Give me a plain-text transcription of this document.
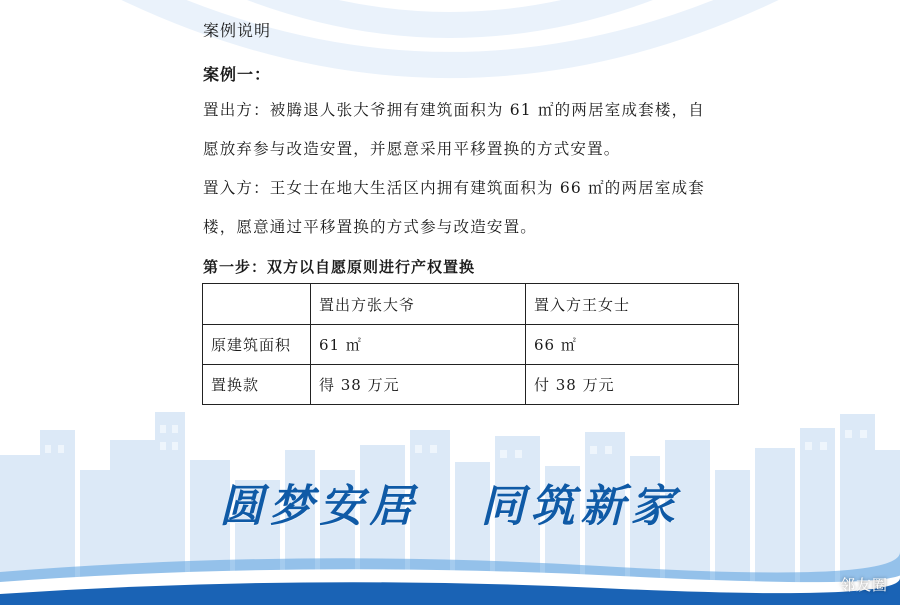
案例说明
案例一：
置出方：被腾退人张大爷拥有建筑面积为 61 ㎡的两居室成套楼，自
愿放弃参与改造安置，并愿意采用平移置换的方式安置。
置入方：王女士在地大生活区内拥有建筑面积为 66 ㎡的两居室成套
楼，愿意通过平移置换的方式参与改造安置。
第一步：双方以自愿原则进行产权置换
	置出方张大爷	置入方王女士
原建筑面积	61 ㎡	66 ㎡
置换款	得 38 万元	付 38 万元
圆梦安居 同筑新家
邻友圈
